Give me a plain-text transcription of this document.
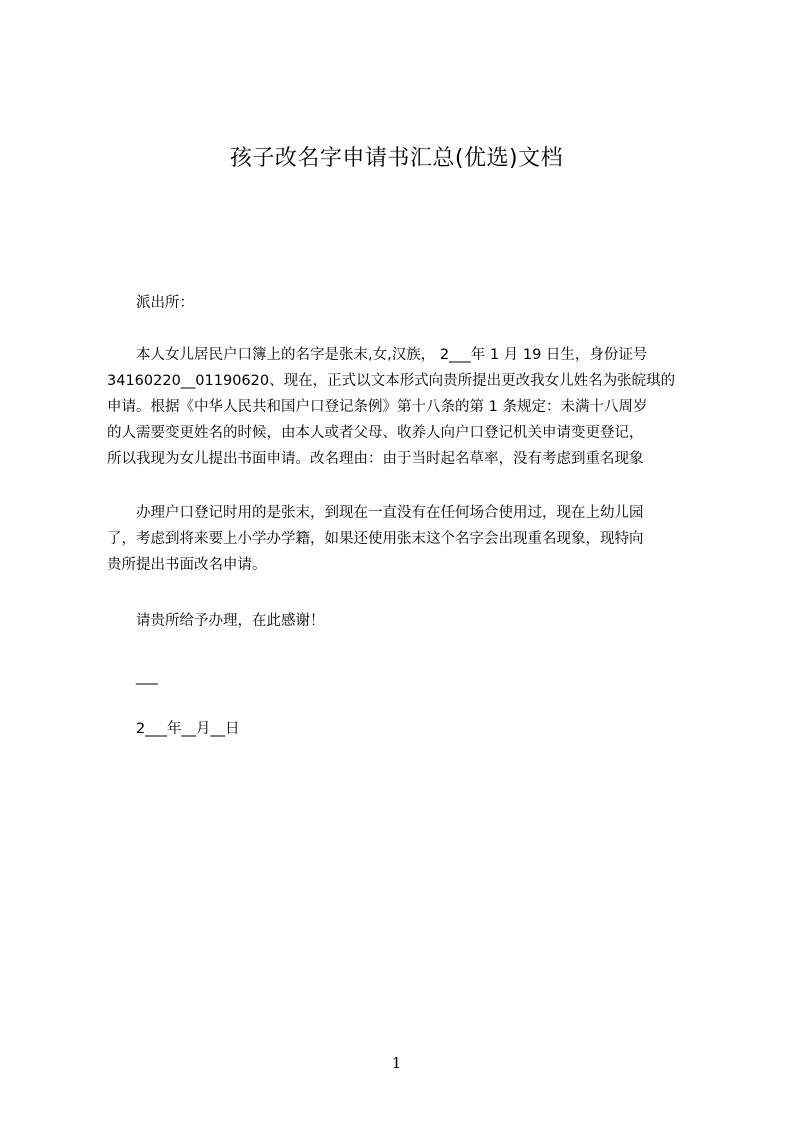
孩子改名字申请书汇总(优选)文档
派出所：
本人女儿居民户口簿上的名字是张末,女,汉族， 2___年 1 月 19 日生，身份证号
34160220__01190620、现在，正式以文本形式向贵所提出更改我女儿姓名为张皖琪的
申请。根据《中华人民共和国户口登记条例》第十八条的第 1 条规定：未满十八周岁
的人需要变更姓名的时候，由本人或者父母、收养人向户口登记机关申请变更登记，
所以我现为女儿提出书面申请。改名理由：由于当时起名草率，没有考虑到重名现象
办理户口登记时用的是张末，到现在一直没有在任何场合使用过，现在上幼儿园
了，考虑到将来要上小学办学籍，如果还使用张末这个名字会出现重名现象，现特向
贵所提出书面改名申请。
请贵所给予办理，在此感谢！
___
2___年__月__日
1
